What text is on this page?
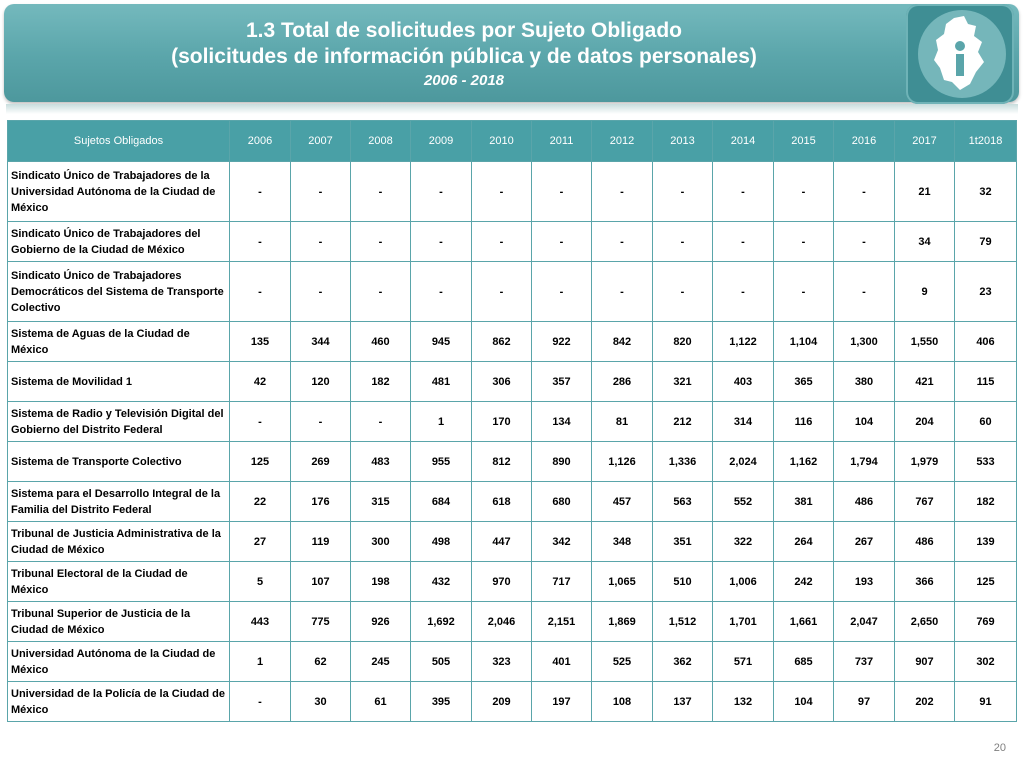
1.3 Total de solicitudes por Sujeto Obligado
(solicitudes de información pública y de datos personales)
2006 - 2018
Sujetos Obligados	2006	2007	2008	2009	2010	2011	2012	2013	2014	2015	2016	2017	1t2018
Sindicato Único de Trabajadores de la Universidad Autónoma de la Ciudad de México	-	-	-	-	-	-	-	-	-	-	-	21	32
Sindicato Único de Trabajadores del Gobierno de la Ciudad de México	-	-	-	-	-	-	-	-	-	-	-	34	79
Sindicato Único de Trabajadores Democráticos del Sistema de Transporte Colectivo	-	-	-	-	-	-	-	-	-	-	-	9	23
Sistema de Aguas de la Ciudad de México	135	344	460	945	862	922	842	820	1,122	1,104	1,300	1,550	406
Sistema de Movilidad 1	42	120	182	481	306	357	286	321	403	365	380	421	115
Sistema de Radio y Televisión Digital del Gobierno del Distrito Federal	-	-	-	1	170	134	81	212	314	116	104	204	60
Sistema de Transporte Colectivo	125	269	483	955	812	890	1,126	1,336	2,024	1,162	1,794	1,979	533
Sistema para el Desarrollo Integral de la Familia del Distrito Federal	22	176	315	684	618	680	457	563	552	381	486	767	182
Tribunal de Justicia Administrativa de la Ciudad de México	27	119	300	498	447	342	348	351	322	264	267	486	139
Tribunal Electoral de la Ciudad de México	5	107	198	432	970	717	1,065	510	1,006	242	193	366	125
Tribunal Superior de Justicia de la Ciudad de México	443	775	926	1,692	2,046	2,151	1,869	1,512	1,701	1,661	2,047	2,650	769
Universidad Autónoma de la Ciudad de México	1	62	245	505	323	401	525	362	571	685	737	907	302
Universidad de la Policía de la Ciudad de México	-	30	61	395	209	197	108	137	132	104	97	202	91
20
